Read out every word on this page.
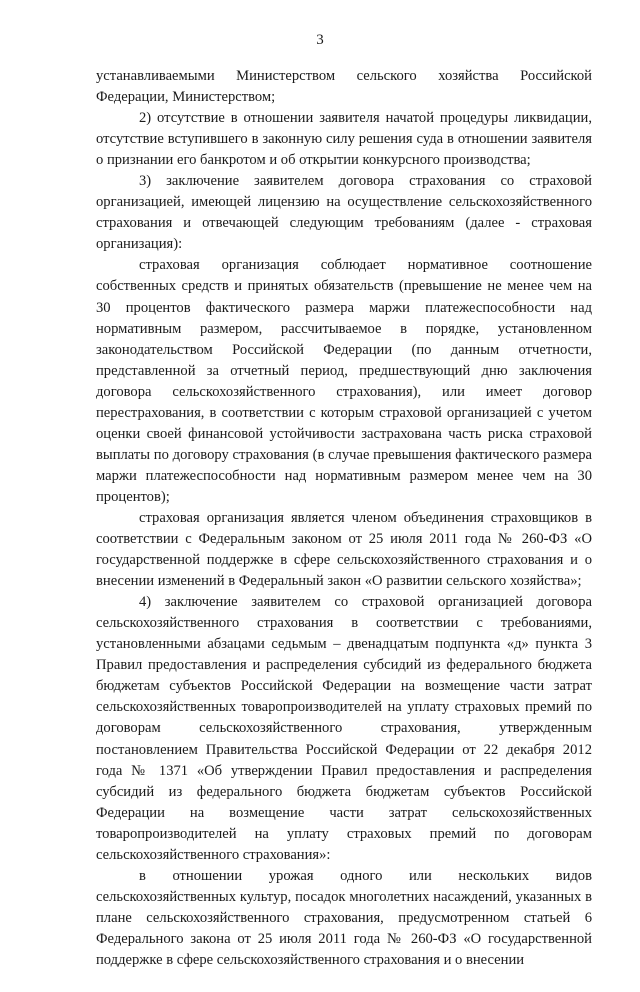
3

устанавливаемыми Министерством сельского хозяйства Российской Федерации, Министерством;

2) отсутствие в отношении заявителя начатой процедуры ликвидации, отсутствие вступившего в законную силу решения суда в отношении заявителя о признании его банкротом и об открытии конкурсного производства;

3) заключение заявителем договора страхования со страховой организацией, имеющей лицензию на осуществление сельскохозяйственного страхования и отвечающей следующим требованиям (далее - страховая организация):

страховая организация соблюдает нормативное соотношение собственных средств и принятых обязательств (превышение не менее чем на 30 процентов фактического размера маржи платежеспособности над нормативным размером, рассчитываемое в порядке, установленном законодательством Российской Федерации (по данным отчетности, представленной за отчетный период, предшествующий дню заключения договора сельскохозяйственного страхования), или имеет договор перестрахования, в соответствии с которым страховой организацией с учетом оценки своей финансовой устойчивости застрахована часть риска страховой выплаты по договору страхования (в случае превышения фактического размера маржи платежеспособности над нормативным размером менее чем на 30 процентов);

страховая организация является членом объединения страховщиков в соответствии с Федеральным законом от 25 июля 2011 года № 260-ФЗ «О государственной поддержке в сфере сельскохозяйственного страхования и о внесении изменений в Федеральный закон «О развитии сельского хозяйства»;

4) заключение заявителем со страховой организацией договора сельскохозяйственного страхования в соответствии с требованиями, установленными абзацами седьмым – двенадцатым подпункта «д» пункта 3 Правил предоставления и распределения субсидий из федерального бюджета бюджетам субъектов Российской Федерации на возмещение части затрат сельскохозяйственных товаропроизводителей на уплату страховых премий по договорам сельскохозяйственного страхования, утвержденным постановлением Правительства Российской Федерации от 22 декабря 2012 года № 1371 «Об утверждении Правил предоставления и распределения субсидий из федерального бюджета бюджетам субъектов Российской Федерации на возмещение части затрат сельскохозяйственных товаропроизводителей на уплату страховых премий по договорам сельскохозяйственного страхования»:

в отношении урожая одного или нескольких видов сельскохозяйственных культур, посадок многолетних насаждений, указанных в плане сельскохозяйственного страхования, предусмотренном статьей 6 Федерального закона от 25 июля 2011 года № 260-ФЗ «О государственной поддержке в сфере сельскохозяйственного страхования и о внесении
